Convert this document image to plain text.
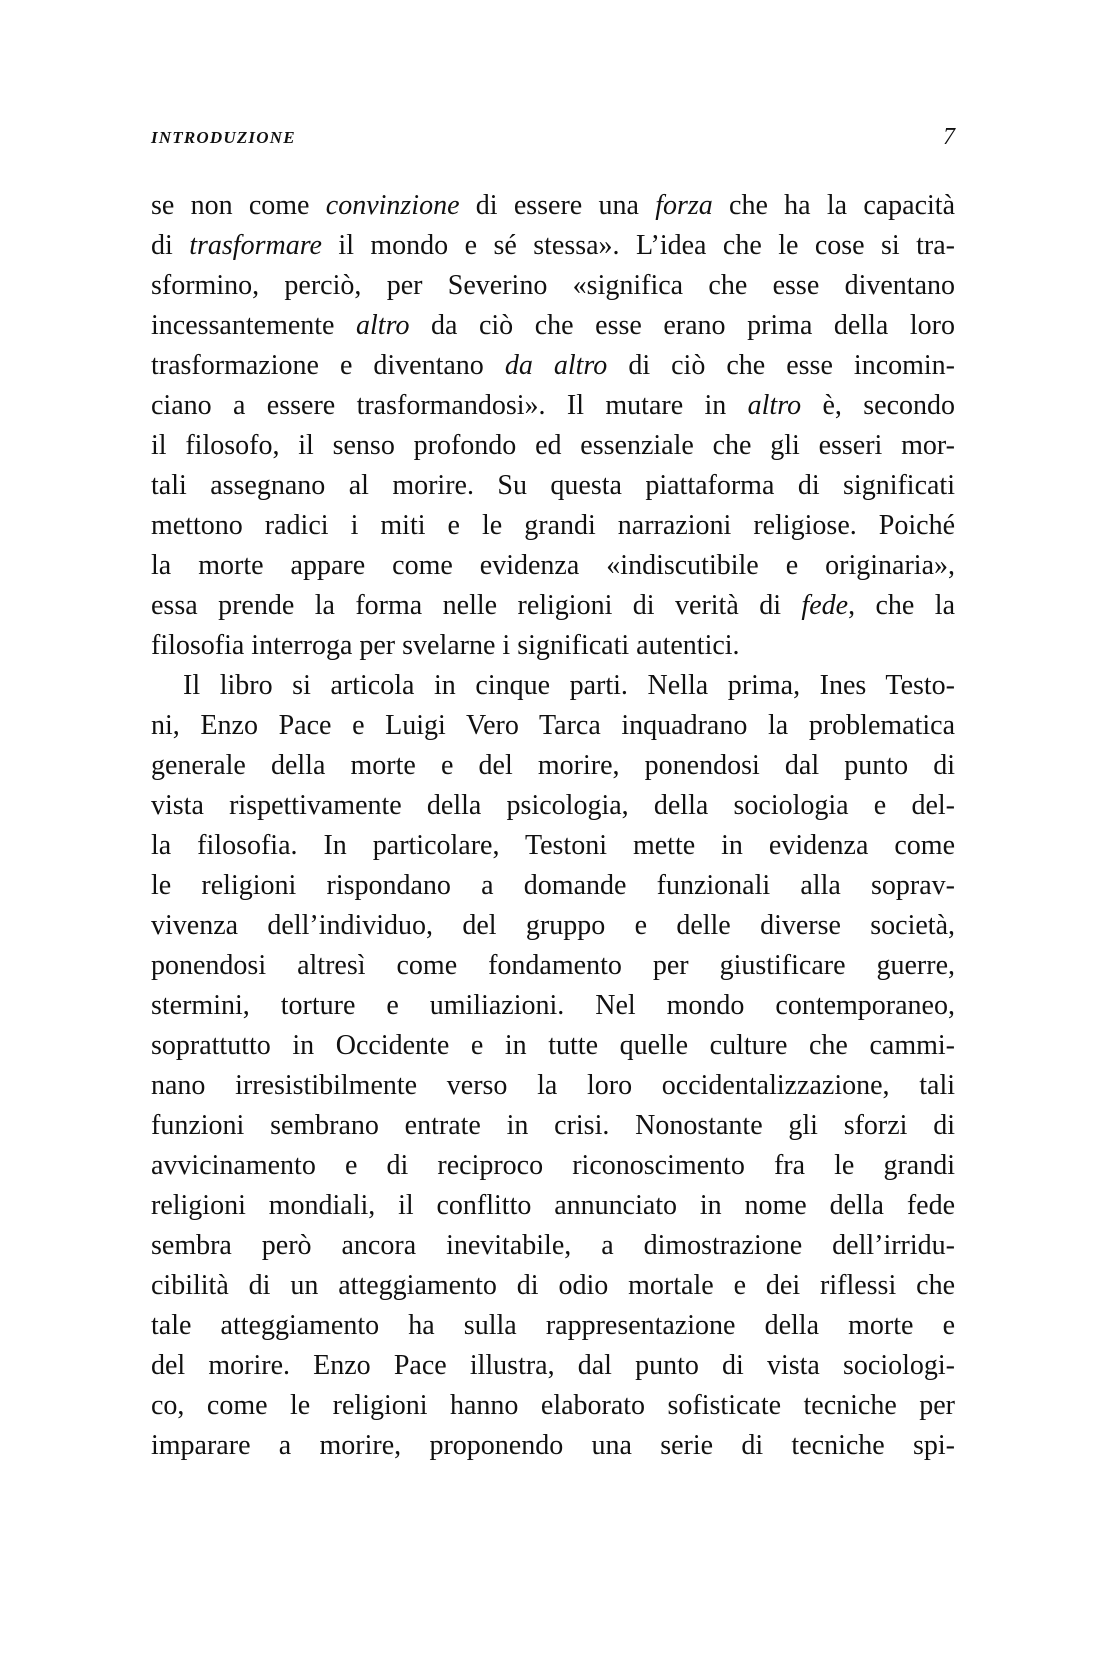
INTRODUZIONE	7
se non come convinzione di essere una forza che ha la capacità
di trasformare il mondo e sé stessa». L’idea che le cose si tra-
sformino, perciò, per Severino «significa che esse diventano
incessantemente altro da ciò che esse erano prima della loro
trasformazione e diventano da altro di ciò che esse incomin-
ciano a essere trasformandosi». Il mutare in altro è, secondo
il filosofo, il senso profondo ed essenziale che gli esseri mor-
tali assegnano al morire. Su questa piattaforma di significati
mettono radici i miti e le grandi narrazioni religiose. Poiché
la morte appare come evidenza «indiscutibile e originaria»,
essa prende la forma nelle religioni di verità di fede, che la
filosofia interroga per svelarne i significati autentici.
Il libro si articola in cinque parti. Nella prima, Ines Testo-
ni, Enzo Pace e Luigi Vero Tarca inquadrano la problematica
generale della morte e del morire, ponendosi dal punto di
vista rispettivamente della psicologia, della sociologia e del-
la filosofia. In particolare, Testoni mette in evidenza come
le religioni rispondano a domande funzionali alla soprav-
vivenza dell’individuo, del gruppo e delle diverse società,
ponendosi altresì come fondamento per giustificare guerre,
stermini, torture e umiliazioni. Nel mondo contemporaneo,
soprattutto in Occidente e in tutte quelle culture che cammi-
nano irresistibilmente verso la loro occidentalizzazione, tali
funzioni sembrano entrate in crisi. Nonostante gli sforzi di
avvicinamento e di reciproco riconoscimento fra le grandi
religioni mondiali, il conflitto annunciato in nome della fede
sembra però ancora inevitabile, a dimostrazione dell’irridu-
cibilità di un atteggiamento di odio mortale e dei riflessi che
tale atteggiamento ha sulla rappresentazione della morte e
del morire. Enzo Pace illustra, dal punto di vista sociologi-
co, come le religioni hanno elaborato sofisticate tecniche per
imparare a morire, proponendo una serie di tecniche spi-
